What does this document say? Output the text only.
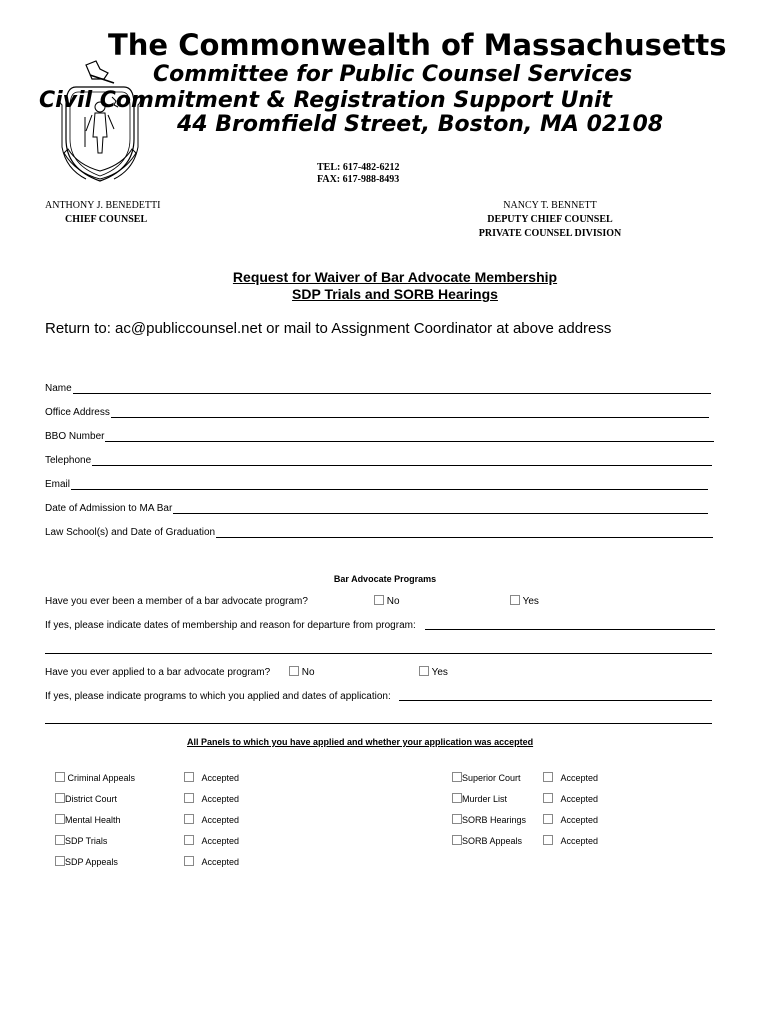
The Commonwealth of Massachusetts
Committee for Public Counsel Services
Civil Commitment & Registration Support Unit
44 Bromfield Street, Boston, MA 02108
TEL: 617-482-6212
FAX: 617-988-8493
ANTHONY J. BENEDETTI
CHIEF COUNSEL
NANCY T. BENNETT
DEPUTY CHIEF COUNSEL
PRIVATE COUNSEL DIVISION
Request for Waiver of Bar Advocate Membership
SDP Trials and SORB Hearings
Return to: ac@publiccounsel.net or mail to Assignment Coordinator at above address
Name
Office Address
BBO Number
Telephone
Email
Date of Admission to MA Bar
Law School(s) and Date of Graduation
Bar Advocate Programs
Have you ever been a member of a bar advocate program?	No	Yes
If yes, please indicate dates of membership and reason for departure from program:
Have you ever applied to a bar advocate program?	No	Yes
If yes, please indicate programs to which you applied and dates of application:
All Panels to which you have applied and whether your application was accepted
Criminal Appeals	Accepted
District Court	Accepted
Mental Health	Accepted
SDP Trials	Accepted
SDP Appeals	Accepted
Superior Court	Accepted
Murder List	Accepted
SORB Hearings	Accepted
SORB Appeals	Accepted
